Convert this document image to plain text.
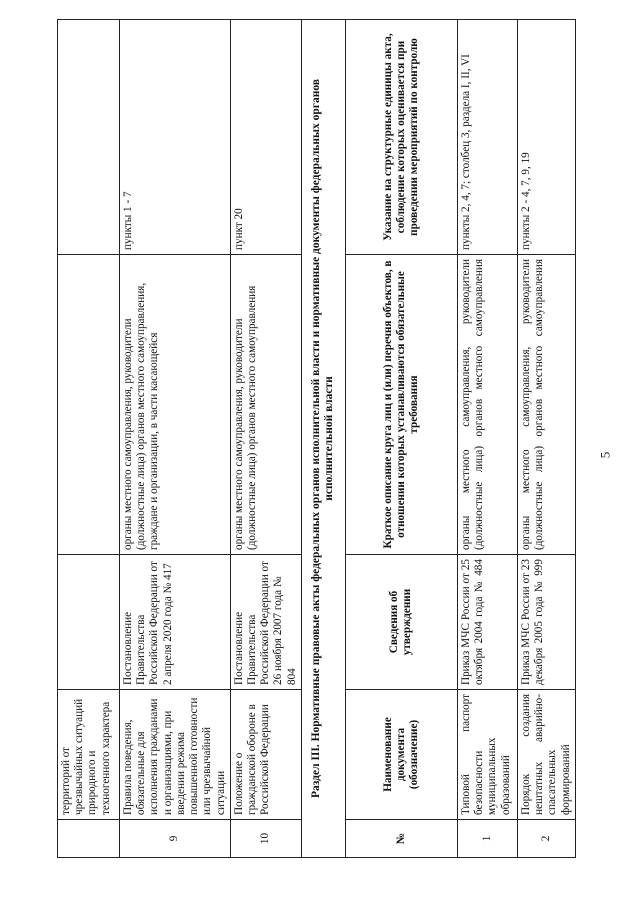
5
	территорий от чрезвычайных ситуаций природного и техногенного характера			
9	Правила поведения, обязательные для исполнения гражданами и организациями, при введении режима повышенной готовности или чрезвычайной ситуации	Постановление Правительства Российской Федерации от 2 апреля 2020 года № 417	органы местного самоуправления, руководители (должностные лица) органов местного самоуправления, граждане и организации, в части касающейся	пункты 1 - 7
10	Положение о гражданской обороне в Российской Федерации	Постановление Правительства Российской Федерации от 26 ноября 2007 года № 804	органы местного самоуправления, руководители (должностные лица) органов местного самоуправления	пункт 20
Раздел III. Нормативные правовые акты федеральных органов исполнительной власти и нормативные документы федеральных органов исполнительной власти				
№	Наименование документа (обозначение)	Сведения об утверждении	Краткое описание круга лиц и (или) перечня объектов, в отношении которых устанавливаются обязательные требования	Указание на структурные единицы акта, соблюдение которых оценивается при проведении мероприятий по контролю
1	Типовой паспорт безопасности муниципальных образований	Приказ МЧС России от 25 октября 2004 года № 484	органы местного самоуправления, руководители (должностные лица) органов местного самоуправления	пункты 2, 4, 7; столбец 3, раздела I, II, VI
2	Порядок создания нештатных аварийно-спасательных формирований	Приказ МЧС России от 23 декабря 2005 года № 999	органы местного самоуправления, руководители (должностные лица) органов местного самоуправления	пункты 2 - 4, 7, 9, 19
